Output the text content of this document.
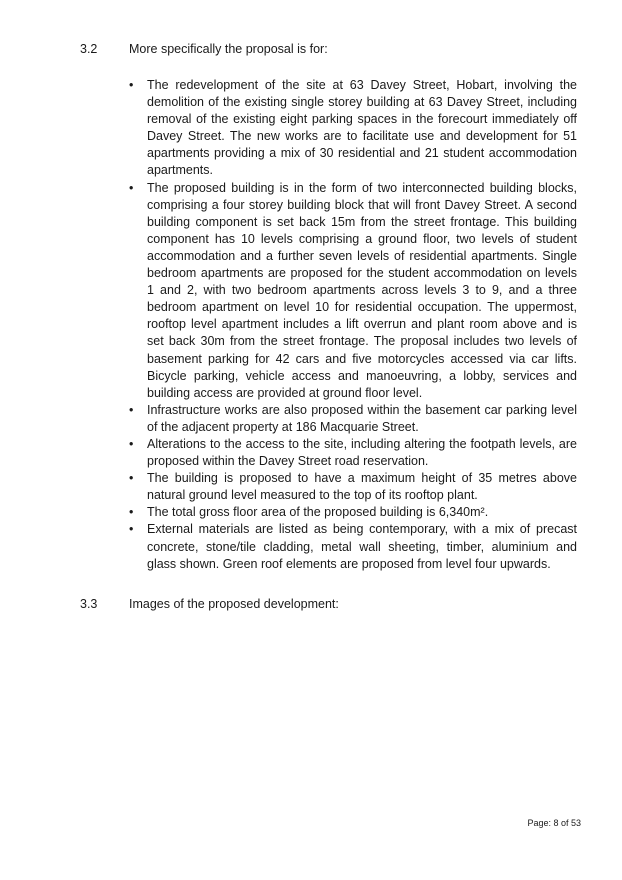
3.2	More specifically the proposal is for:
• The redevelopment of the site at 63 Davey Street, Hobart, involving the demolition of the existing single storey building at 63 Davey Street, including removal of the existing eight parking spaces in the forecourt immediately off Davey Street. The new works are to facilitate use and development for 51 apartments providing a mix of 30 residential and 21 student accommodation apartments.
• The proposed building is in the form of two interconnected building blocks, comprising a four storey building block that will front Davey Street. A second building component is set back 15m from the street frontage. This building component has 10 levels comprising a ground floor, two levels of student accommodation and a further seven levels of residential apartments. Single bedroom apartments are proposed for the student accommodation on levels 1 and 2, with two bedroom apartments across levels 3 to 9, and a three bedroom apartment on level 10 for residential occupation. The uppermost, rooftop level apartment includes a lift overrun and plant room above and is set back 30m from the street frontage. The proposal includes two levels of basement parking for 42 cars and five motorcycles accessed via car lifts. Bicycle parking, vehicle access and manoeuvring, a lobby, services and building access are provided at ground floor level.
• Infrastructure works are also proposed within the basement car parking level of the adjacent property at 186 Macquarie Street.
• Alterations to the access to the site, including altering the footpath levels, are proposed within the Davey Street road reservation.
• The building is proposed to have a maximum height of 35 metres above natural ground level measured to the top of its rooftop plant.
• The total gross floor area of the proposed building is 6,340m².
• External materials are listed as being contemporary, with a mix of precast concrete, stone/tile cladding, metal wall sheeting, timber, aluminium and glass shown. Green roof elements are proposed from level four upwards.
3.3	Images of the proposed development:
Page: 8 of 53
